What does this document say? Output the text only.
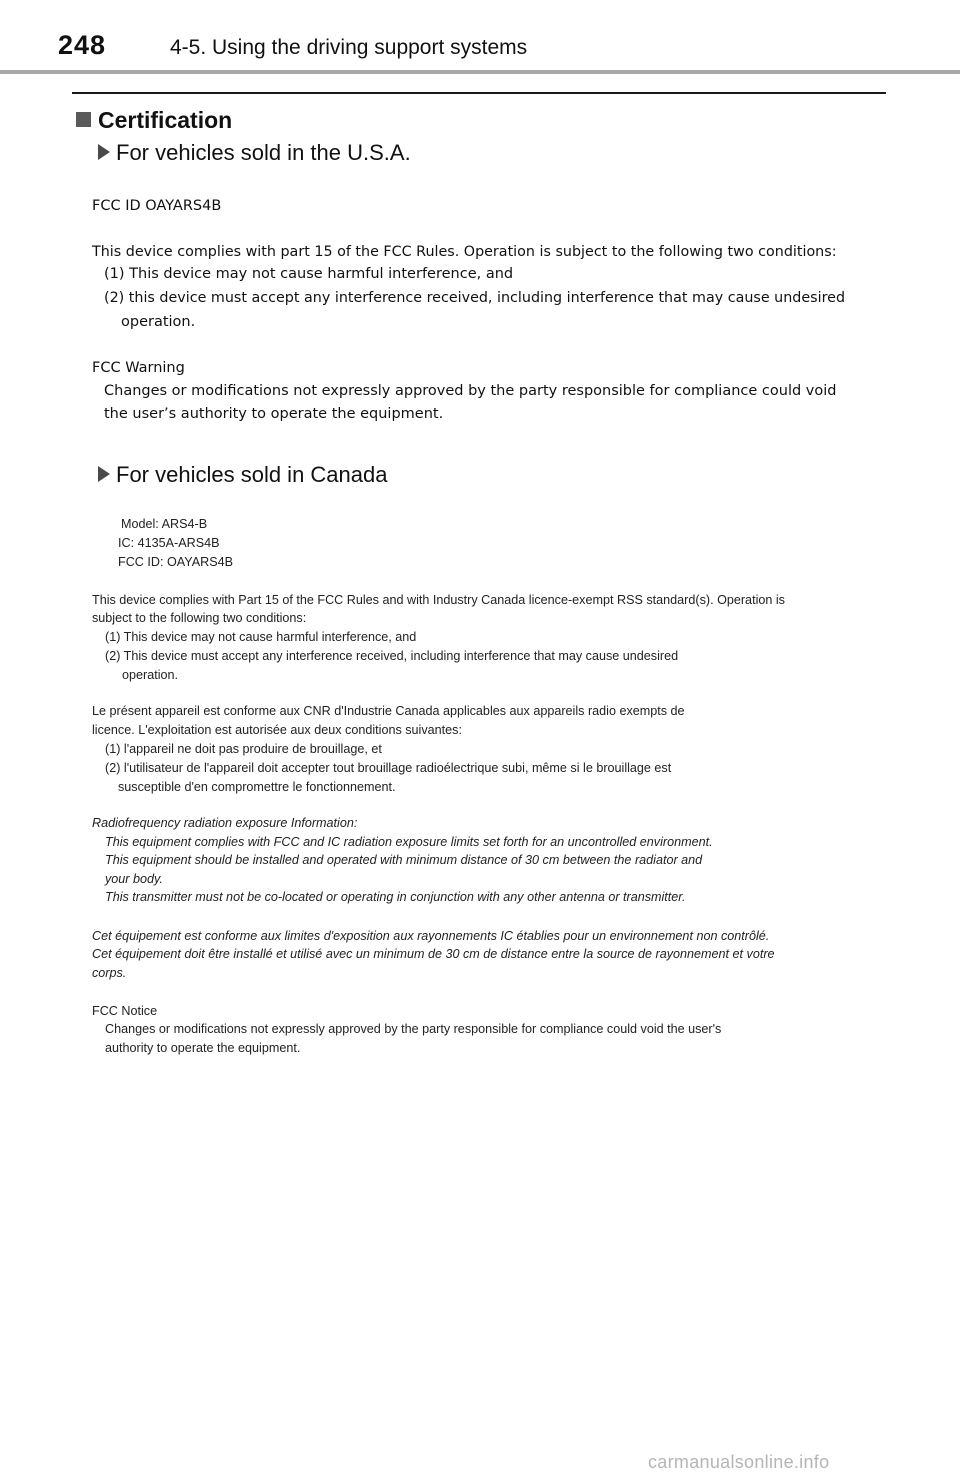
248	4-5. Using the driving support systems
Certification
For vehicles sold in the U.S.A.
FCC ID OAYARS4B
This device complies with part 15 of the FCC Rules. Operation is subject to the following two conditions:
(1) This device may not cause harmful interference, and
(2) this device must accept any interference received, including interference that may cause undesired
operation.
FCC Warning
Changes or modifications not expressly approved by the party responsible for compliance could void
the user’s authority to operate the equipment.
For vehicles sold in Canada
Model: ARS4-B
IC: 4135A-ARS4B
FCC ID: OAYARS4B
This device complies with Part 15 of the FCC Rules and with Industry Canada licence-exempt RSS standard(s). Operation is
subject to the following two conditions:
(1) This device may not cause harmful interference, and
(2) This device must accept any interference received, including interference that may cause undesired
operation.
Le présent appareil est conforme aux CNR d'Industrie Canada applicables aux appareils radio exempts de
licence. L'exploitation est autorisée aux deux conditions suivantes:
(1) l'appareil ne doit pas produire de brouillage, et
(2) l'utilisateur de l'appareil doit accepter tout brouillage radioélectrique subi, même si le brouillage est
susceptible d'en compromettre le fonctionnement.
Radiofrequency radiation exposure Information:
This equipment complies with FCC and IC radiation exposure limits set forth for an uncontrolled environment.
This equipment should be installed and operated with minimum distance of 30 cm between the radiator and
your body.
This transmitter must not be co-located or operating in conjunction with any other antenna or transmitter.
Cet équipement est conforme aux limites d'exposition aux rayonnements IC établies pour un environnement non contrôlé.
Cet équipement doit être installé et utilisé avec un minimum de 30 cm de distance entre la source de rayonnement et votre
corps.
FCC Notice
Changes or modifications not expressly approved by the party responsible for compliance could void the user's
authority to operate the equipment.
carmanualsonline.info
